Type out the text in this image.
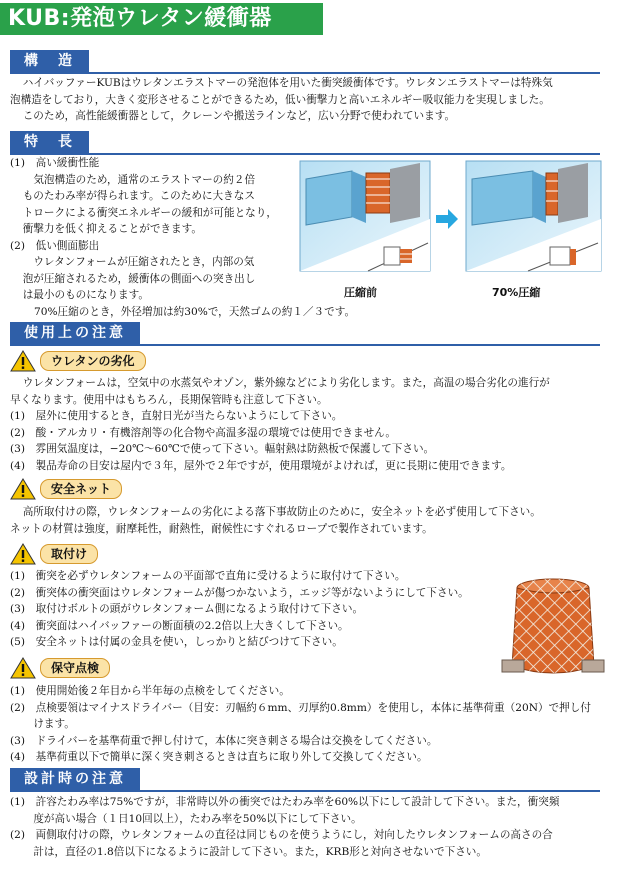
KUB:発泡ウレタン緩衝器
構　造

ハイバッファーKUBはウレタンエラストマーの発泡体を用いた衝突緩衝体です。ウレタンエラストマーは特殊気

泡構造をしており，大きく変形させることができるため，低い衝撃力と高いエネルギー吸収能力を実現しました。

このため，高性能緩衝器として，クレーンや搬送ラインなど，広い分野で使われています。

特　長

(1)　高い緩衝性能

気泡構造のため，通常のエラストマーの約２倍

ものたわみ率が得られます。このために大きなス

トロークによる衝突エネルギーの緩和が可能となり，

衝撃力を低く抑えることができます。

(2)　低い側面膨出

ウレタンフォームが圧縮されたとき，内部の気

泡が圧縮されるため，緩衝体の側面への突き出し

は最小のものになります。

70%圧縮のとき，外径増加は約30%で，天然ゴムの約１／３です。

圧縮前	70%圧縮
使用上の注意
ウレタンの劣化

ウレタンフォームは，空気中の水蒸気やオゾン，紫外線などにより劣化します。また，高温の場合劣化の進行が

早くなります。使用中はもちろん，長期保管時も注意して下さい。

(1)　屋外に使用するとき，直射日光が当たらないようにして下さい。

(2)　酸・アルカリ・有機溶剤等の化合物や高温多湿の環境では使用できません。

(3)　雰囲気温度は，−20℃〜60℃で使って下さい。輻射熱は防熱板で保護して下さい。

(4)　製品寿命の目安は屋内で３年，屋外で２年ですが，使用環境がよければ，更に長期に使用できます。

安全ネット

高所取付けの際，ウレタンフォームの劣化による落下事故防止のために，安全ネットを必ず使用して下さい。

ネットの材質は強度，耐摩耗性，耐熱性，耐候性にすぐれるロープで製作されています。

取付け

(1)　衝突を必ずウレタンフォームの平面部で直角に受けるように取付けて下さい。

(2)　衝突体の衝突面はウレタンフォームが傷つかないよう，エッジ等がないようにして下さい。

(3)　取付けボルトの頭がウレタンフォーム側になるよう取付けて下さい。

(4)　衝突面はハイバッファーの断面積の2.2倍以上大きくして下さい。

(5)　安全ネットは付属の金具を使い，しっかりと結びつけて下さい。

保守点検

(1)　使用開始後２年目から半年毎の点検をしてください。

(2)　点検要領はマイナスドライバー（目安：刃幅約６mm、刃厚約0.8mm）を使用し，本体に基準荷重（20N）で押し付

けます。

(3)　ドライバーを基準荷重で押し付けて，本体に突き刺さる場合は交換をしてください。

(4)　基準荷重以下で簡単に深く突き刺さるときは直ちに取り外して交換してください。

設計時の注意

(1)　許容たわみ率は75%ですが，非常時以外の衝突ではたわみ率を60%以下にして設計して下さい。また，衝突頻

度が高い場合（１日10回以上），たわみ率を50%以下にして下さい。

(2)　両側取付けの際，ウレタンフォームの直径は同じものを使うようにし，対向したウレタンフォームの高さの合

計は，直径の1.8倍以下になるように設計して下さい。また，KRB形と対向させないで下さい。
